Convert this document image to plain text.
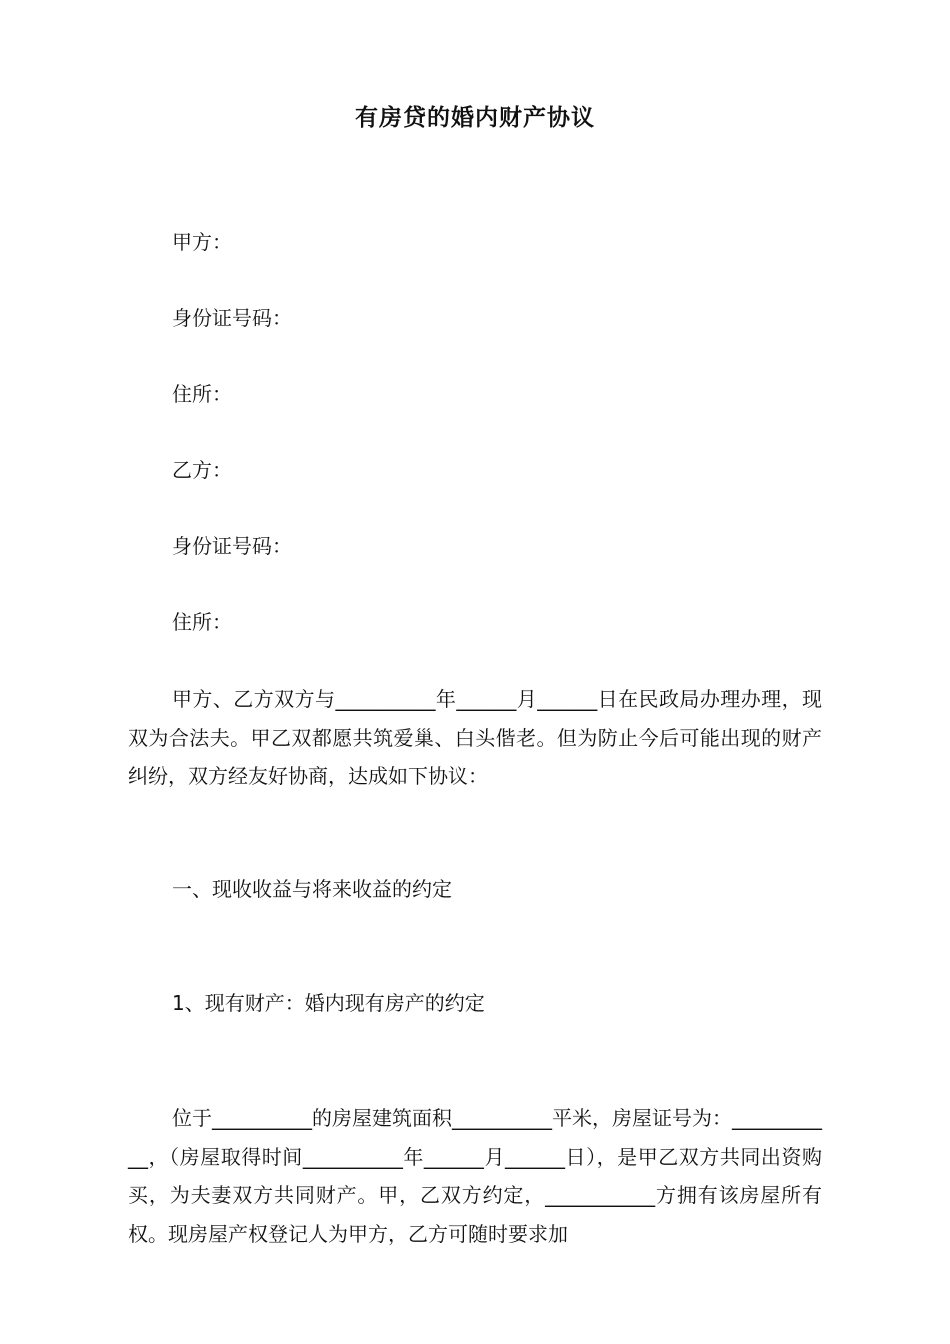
有房贷的婚内财产协议
甲方：
身份证号码：
住所：
乙方：
身份证号码：
住所：
甲方、乙方双方与__________年______月______日在民政局办理办理，现双为合法夫。甲乙双都愿共筑爱巢、白头偕老。但为防止今后可能出现的财产纠纷，双方经友好协商，达成如下协议：
一、现收收益与将来收益的约定
1、现有财产：婚内现有房产的约定
位于__________的房屋建筑面积__________平米，房屋证号为：___________，（房屋取得时间__________年______月______日），是甲乙双方共同出资购买，为夫妻双方共同财产。甲，乙双方约定，___________方拥有该房屋所有权。现房屋产权登记人为甲方，乙方可随时要求加
